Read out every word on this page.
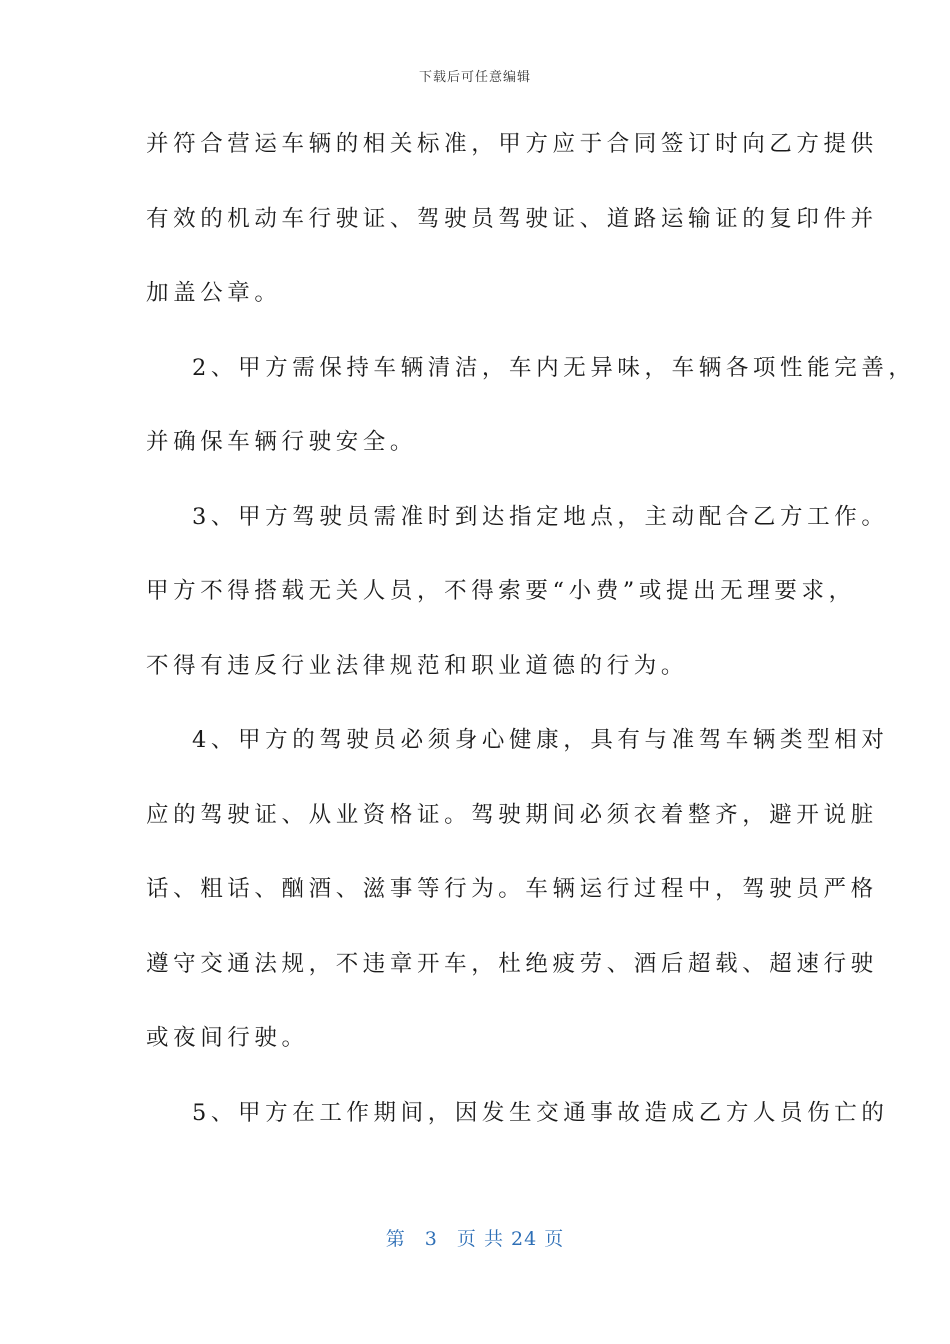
下载后可任意编辑
并符合营运车辆的相关标准，甲方应于合同签订时向乙方提供
有效的机动车行驶证、驾驶员驾驶证、道路运输证的复印件并
加盖公章。
2、甲方需保持车辆清洁，车内无异味，车辆各项性能完善，
并确保车辆行驶安全。
3、甲方驾驶员需准时到达指定地点，主动配合乙方工作。
甲方不得搭载无关人员，不得索要“小费”或提出无理要求，
不得有违反行业法律规范和职业道德的行为。
4、甲方的驾驶员必须身心健康，具有与准驾车辆类型相对
应的驾驶证、从业资格证。驾驶期间必须衣着整齐，避开说脏
话、粗话、酗酒、滋事等行为。车辆运行过程中，驾驶员严格
遵守交通法规，不违章开车，杜绝疲劳、酒后超载、超速行驶
或夜间行驶。
5、甲方在工作期间，因发生交通事故造成乙方人员伤亡的
第 3 页 共 24 页
